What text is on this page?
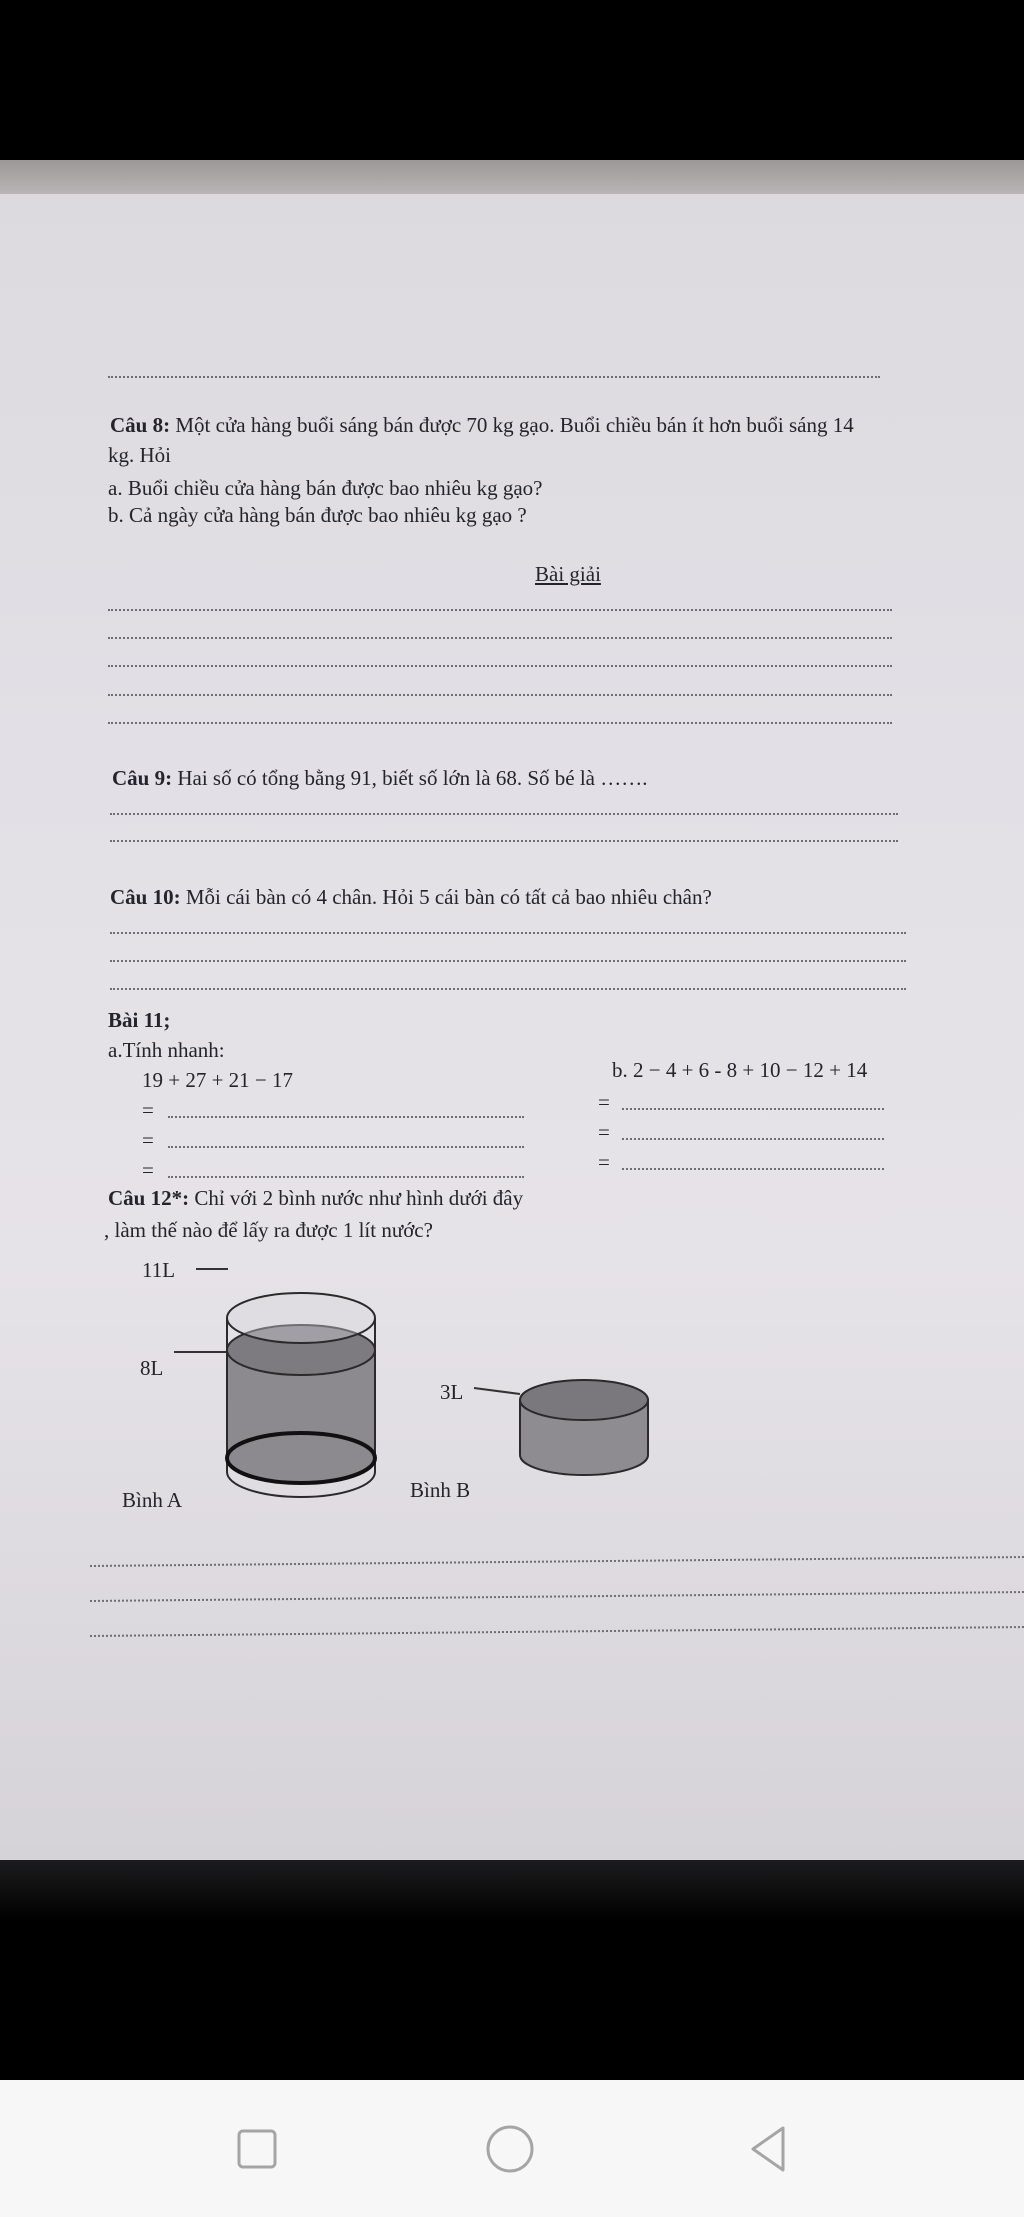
Câu 8: Một cửa hàng buổi sáng bán được 70 kg gạo. Buổi chiều bán ít hơn buổi sáng 14
kg. Hỏi
a. Buổi chiều cửa hàng bán được bao nhiêu kg gạo?
b. Cả ngày cửa hàng bán được bao nhiêu kg gạo ?
Bài giải
Câu 9: Hai số có tổng bằng 91, biết số lớn là 68. Số bé là …….
Câu 10: Mỗi cái bàn có 4 chân. Hỏi 5 cái bàn có tất cả bao nhiêu chân?
Bài 11;
a.Tính nhanh:
19 + 27 + 21 − 17	b. 2 − 4 + 6 - 8 + 10 − 12 + 14
=
=
=
=
=
=
Câu 12*: Chỉ với 2 bình nước như hình dưới đây
, làm thế nào để lấy ra được 1 lít nước?
11L
8L
3L
Bình A	Bình B
